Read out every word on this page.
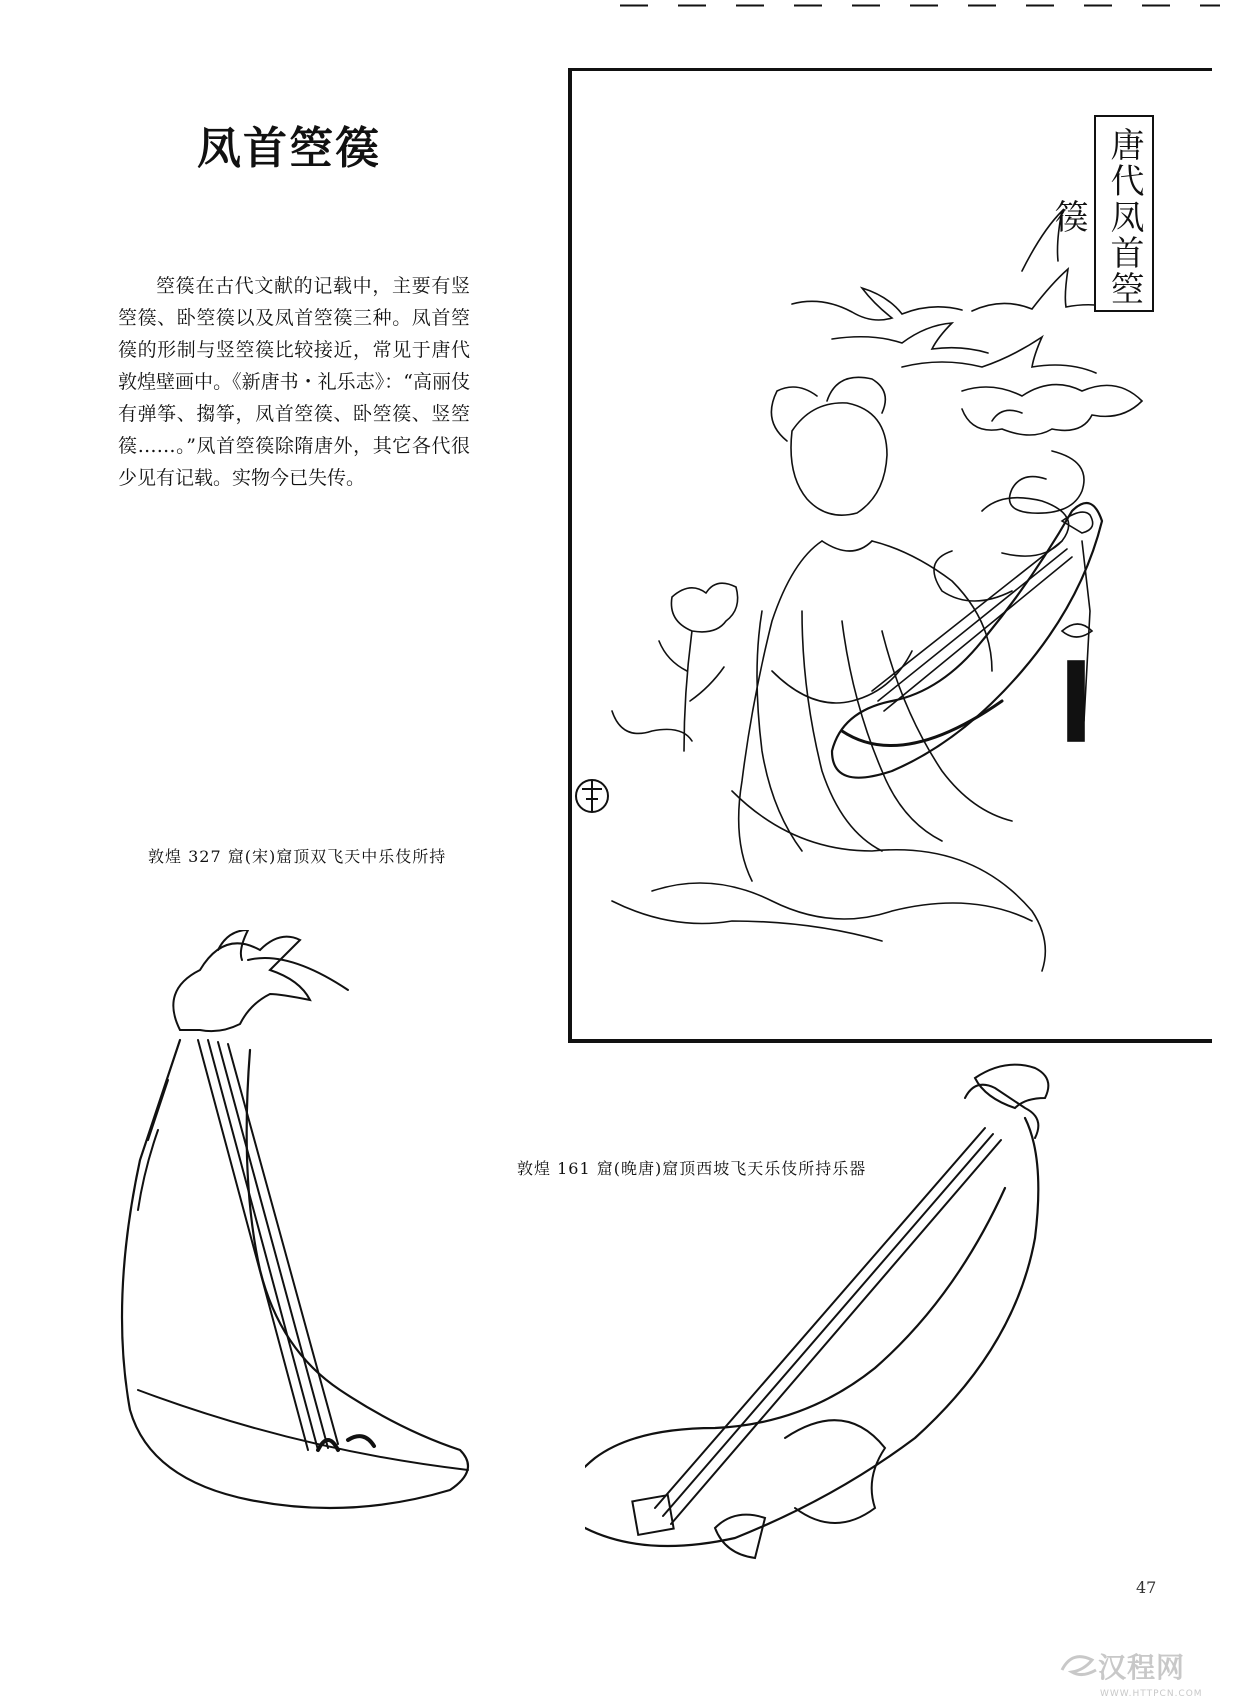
凤首箜篌

箜篌在古代文献的记载中，主要有竖箜篌、卧箜篌以及凤首箜篌三种。凤首箜篌的形制与竖箜篌比较接近，常见于唐代敦煌壁画中。《新唐书・礼乐志》：“高丽伎有弹筝、搊筝，凤首箜篌、卧箜篌、竖箜篌……。”凤首箜篌除隋唐外，其它各代很少见有记载。实物今已失传。

敦煌 327 窟(宋)窟顶双飞天中乐伎所持
敦煌 161 窟(晚唐)窟顶西坡飞天乐伎所持乐器
唐代凤首箜篌
47
汉程网
WWW.HTTPCN.COM
